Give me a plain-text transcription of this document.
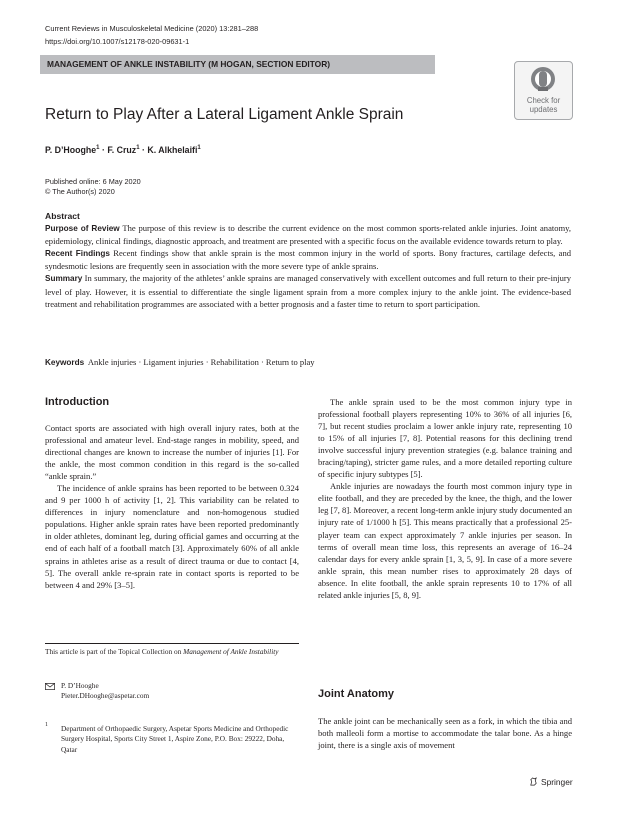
Current Reviews in Musculoskeletal Medicine (2020) 13:281–288
https://doi.org/10.1007/s12178-020-09631-1
MANAGEMENT OF ANKLE INSTABILITY (M HOGAN, SECTION EDITOR)
Check for
updates
Return to Play After a Lateral Ligament Ankle Sprain
P. D’Hooghe$^1$ · F. Cruz$^1$ · K. Alkhelaifi$^1$
Published online: 6 May 2020
© The Author(s) 2020
Abstract

Purpose of Review The purpose of this review is to describe the current evidence on the most common sports-related ankle injuries. Joint anatomy, epidemiology, clinical findings, diagnostic approach, and treatment are presented with a specific focus on the available evidence towards return to play.

Recent Findings Recent findings show that ankle sprain is the most common injury in the world of sports. Bony fractures, cartilage defects, and syndesmotic lesions are frequently seen in association with the more severe type of ankle sprains.

Summary In summary, the majority of the athletes’ ankle sprains are managed conservatively with excellent outcomes and full return to their pre-injury level of play. However, it is essential to differentiate the single ligament sprain from a more complex injury to the ankle joint. The evidence-based treatment and rehabilitation programmes are associated with a better prognosis and a faster time to return to sport participation.

Keywords Ankle injuries · Ligament injuries · Rehabilitation · Return to play
Introduction

Contact sports are associated with high overall injury rates, both at the professional and amateur level. End-stage ranges in mobility, speed, and directional changes are known to increase the number of injuries [1]. For the ankle, the most common condition in this regard is the so-called “ankle sprain.”

The incidence of ankle sprains has been reported to be between 0.324 and 9 per 1000 h of activity [1, 2]. This variability can be related to differences in injury nomenclature and non-homogenous studied populations. Higher ankle sprain rates have been reported predominantly in older athletes, dominant leg, during official games and occurring at the end of each half of a football match [3]. Approximately 60% of all ankle sprains in athletes arise as a result of direct trauma or due to contact [4, 5]. The overall ankle re-sprain rate in contact sports is reported to be between 4 and 29% [3–5].

This article is part of the Topical Collection on Management of Ankle Instability
P. D’Hooghe
Pieter.DHooghe@aspetar.com
1 Department of Orthopaedic Surgery, Aspetar Sports Medicine and Orthopedic Surgery Hospital, Sports City Street 1, Aspire Zone, P.O. Box: 29222, Doha, Qatar

The ankle sprain used to be the most common injury type in professional football players representing 10% to 36% of all injuries [6, 7], but recent studies proclaim a lower ankle injury rate, representing 10 to 15% of all injuries [7, 8]. Potential reasons for this declining trend involve successful injury prevention strategies (e.g. balance training and bracing/taping), stricter game rules, and a more detailed reporting culture of specific injury subtypes [5].

Ankle injuries are nowadays the fourth most common injury type in elite football, and they are preceded by the knee, the thigh, and the lower leg [7, 8]. Moreover, a recent long-term ankle injury study documented an injury rate of 1/1000 h [5]. This means practically that a professional 25-player team can expect approximately 7 ankle injuries per season. In terms of overall mean time loss, this represents an average of 16–24 calendar days for every ankle sprain [1, 3, 5, 9]. In case of a more severe ankle sprain, this mean number rises to approximately 28 days of absence. In elite football, the ankle sprain represents 10 to 17% of all related ankle injuries [5, 8, 9].

Joint Anatomy

The ankle joint can be mechanically seen as a fork, in which the tibia and both malleoli form a mortise to accommodate the talar bone. As a hinge joint, there is a single axis of movement

Springer
